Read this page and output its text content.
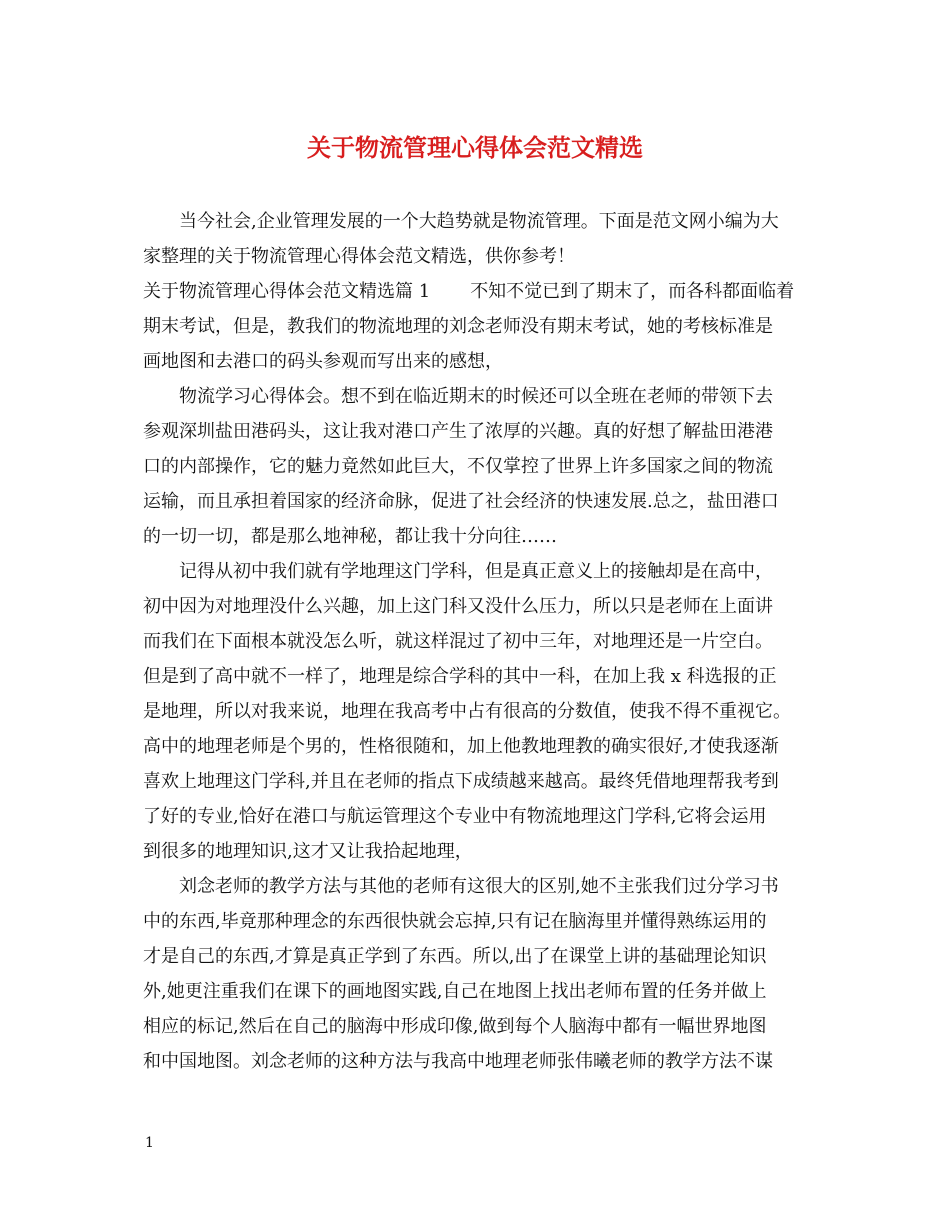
关于物流管理心得体会范文精选
当今社会,企业管理发展的一个大趋势就是物流管理。下面是范文网小编为大
家整理的关于物流管理心得体会范文精选，供你参考！
关于物流管理心得体会范文精选篇 1 不知不觉已到了期末了，而各科都面临着
期末考试，但是，教我们的物流地理的刘念老师没有期末考试，她的考核标准是
画地图和去港口的码头参观而写出来的感想，
物流学习心得体会。想不到在临近期末的时候还可以全班在老师的带领下去
参观深圳盐田港码头，这让我对港口产生了浓厚的兴趣。真的好想了解盐田港港
口的内部操作，它的魅力竟然如此巨大，不仅掌控了世界上许多国家之间的物流
运输，而且承担着国家的经济命脉，促进了社会经济的快速发展.总之，盐田港口
的一切一切，都是那么地神秘，都让我十分向往……
记得从初中我们就有学地理这门学科，但是真正意义上的接触却是在高中，
初中因为对地理没什么兴趣，加上这门科又没什么压力，所以只是老师在上面讲
而我们在下面根本就没怎么听，就这样混过了初中三年，对地理还是一片空白。
但是到了高中就不一样了，地理是综合学科的其中一科，在加上我 x 科选报的正
是地理，所以对我来说，地理在我高考中占有很高的分数值，使我不得不重视它。
高中的地理老师是个男的，性格很随和，加上他教地理教的确实很好,才使我逐渐
喜欢上地理这门学科,并且在老师的指点下成绩越来越高。最终凭借地理帮我考到
了好的专业,恰好在港口与航运管理这个专业中有物流地理这门学科,它将会运用
到很多的地理知识,这才又让我拾起地理，
刘念老师的教学方法与其他的老师有这很大的区别,她不主张我们过分学习书
中的东西,毕竟那种理念的东西很快就会忘掉,只有记在脑海里并懂得熟练运用的
才是自己的东西,才算是真正学到了东西。所以,出了在课堂上讲的基础理论知识
外,她更注重我们在课下的画地图实践,自己在地图上找出老师布置的任务并做上
相应的标记,然后在自己的脑海中形成印像,做到每个人脑海中都有一幅世界地图
和中国地图。刘念老师的这种方法与我高中地理老师张伟曦老师的教学方法不谋
1
